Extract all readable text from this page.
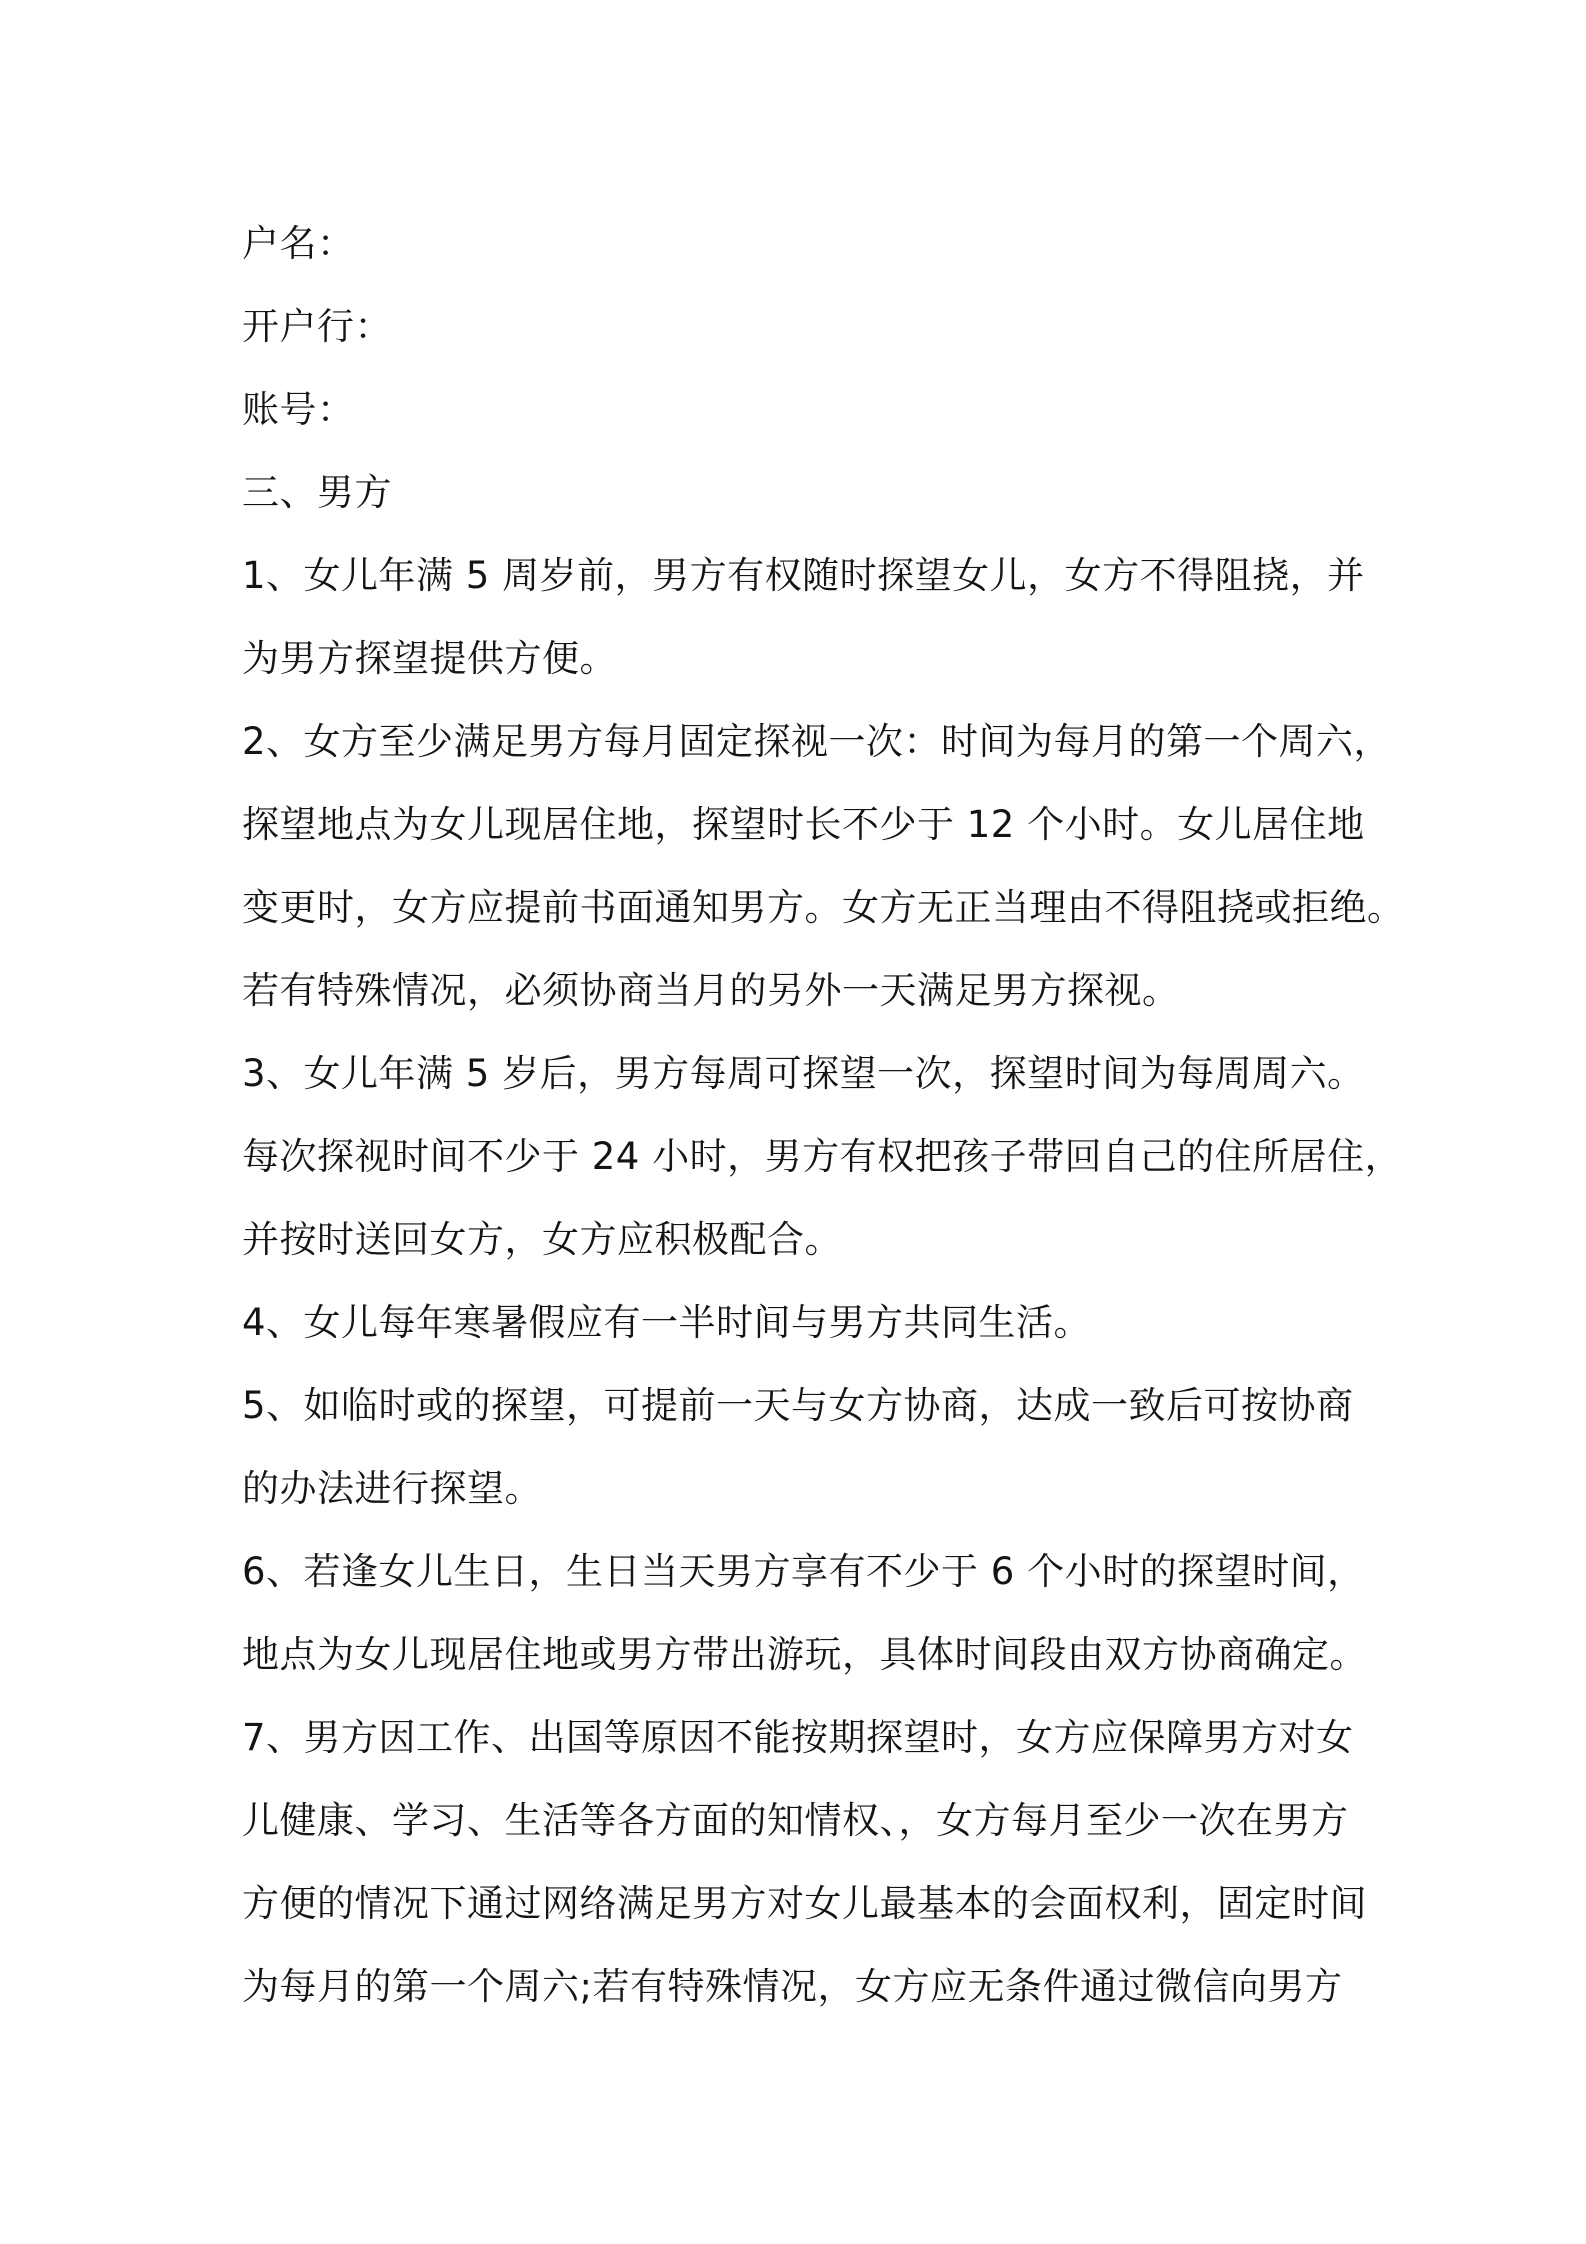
户名：
开户行：
账号：
三、男方
1、女儿年满 5 周岁前，男方有权随时探望女儿，女方不得阻挠，并
为男方探望提供方便。
2、女方至少满足男方每月固定探视一次：时间为每月的第一个周六，
探望地点为女儿现居住地，探望时长不少于 12 个小时。女儿居住地
变更时，女方应提前书面通知男方。女方无正当理由不得阻挠或拒绝。
若有特殊情况，必须协商当月的另外一天满足男方探视。
3、女儿年满 5 岁后，男方每周可探望一次，探望时间为每周周六。
每次探视时间不少于 24 小时，男方有权把孩子带回自己的住所居住，
并按时送回女方，女方应积极配合。
4、女儿每年寒暑假应有一半时间与男方共同生活。
5、如临时或的探望，可提前一天与女方协商，达成一致后可按协商
的办法进行探望。
6、若逢女儿生日，生日当天男方享有不少于 6 个小时的探望时间，
地点为女儿现居住地或男方带出游玩，具体时间段由双方协商确定。
7、男方因工作、出国等原因不能按期探望时，女方应保障男方对女
儿健康、学习、生活等各方面的知情权、，女方每月至少一次在男方
方便的情况下通过网络满足男方对女儿最基本的会面权利，固定时间
为每月的第一个周六;若有特殊情况，女方应无条件通过微信向男方
